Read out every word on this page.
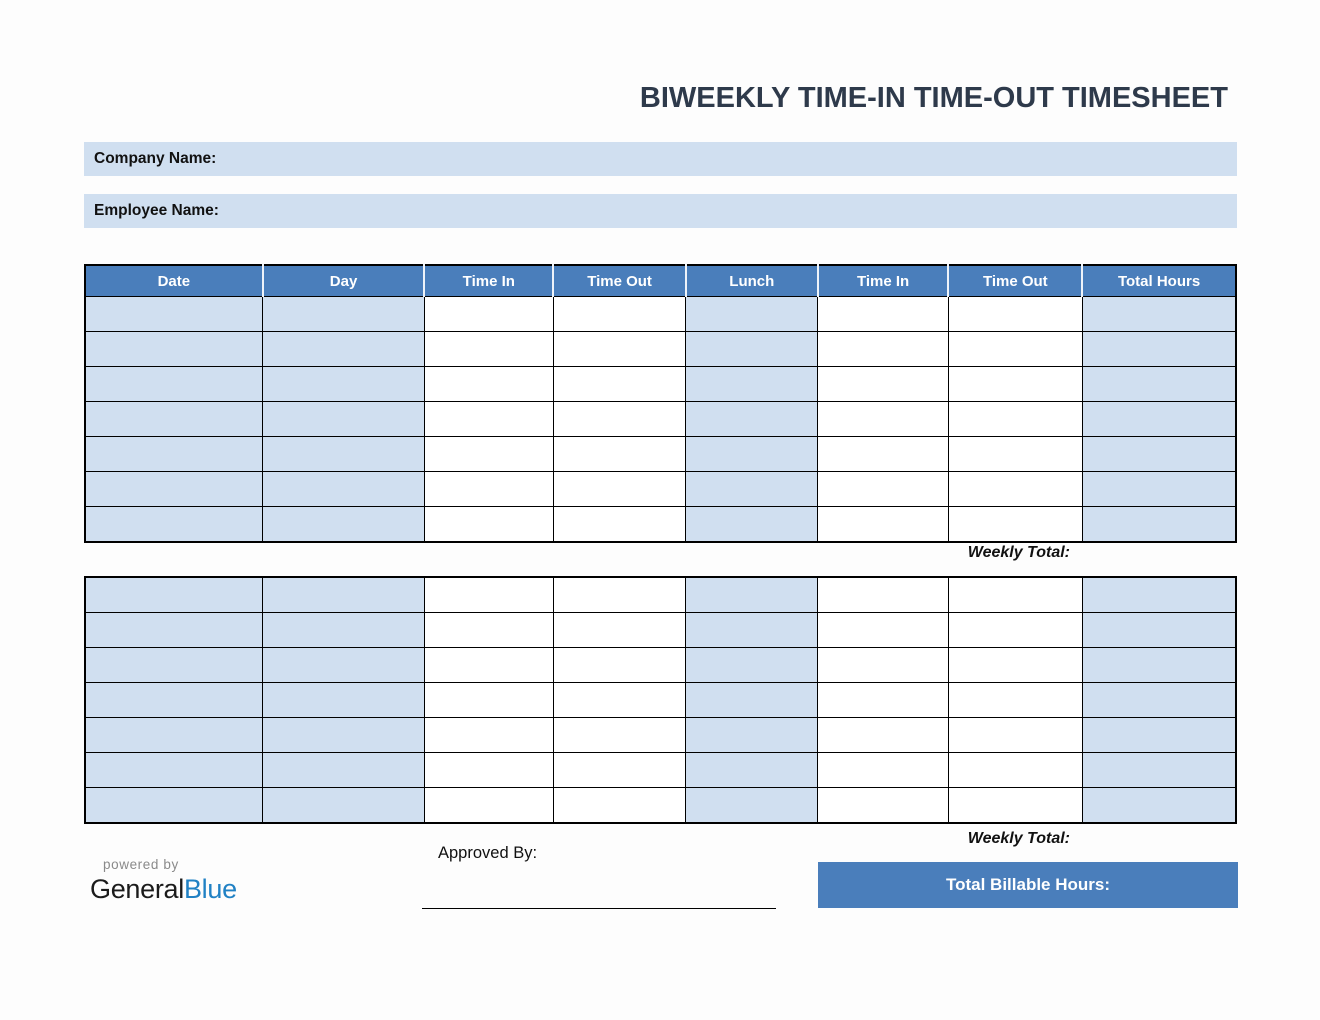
BIWEEKLY TIME-IN TIME-OUT TIMESHEET
Company Name:
Employee Name:
Date	Day	Time In	Time Out	Lunch	Time In	Time Out	Total Hours

Weekly Total:

Weekly Total:
Approved By:
powered by
GeneralBlue	Total Billable Hours:
